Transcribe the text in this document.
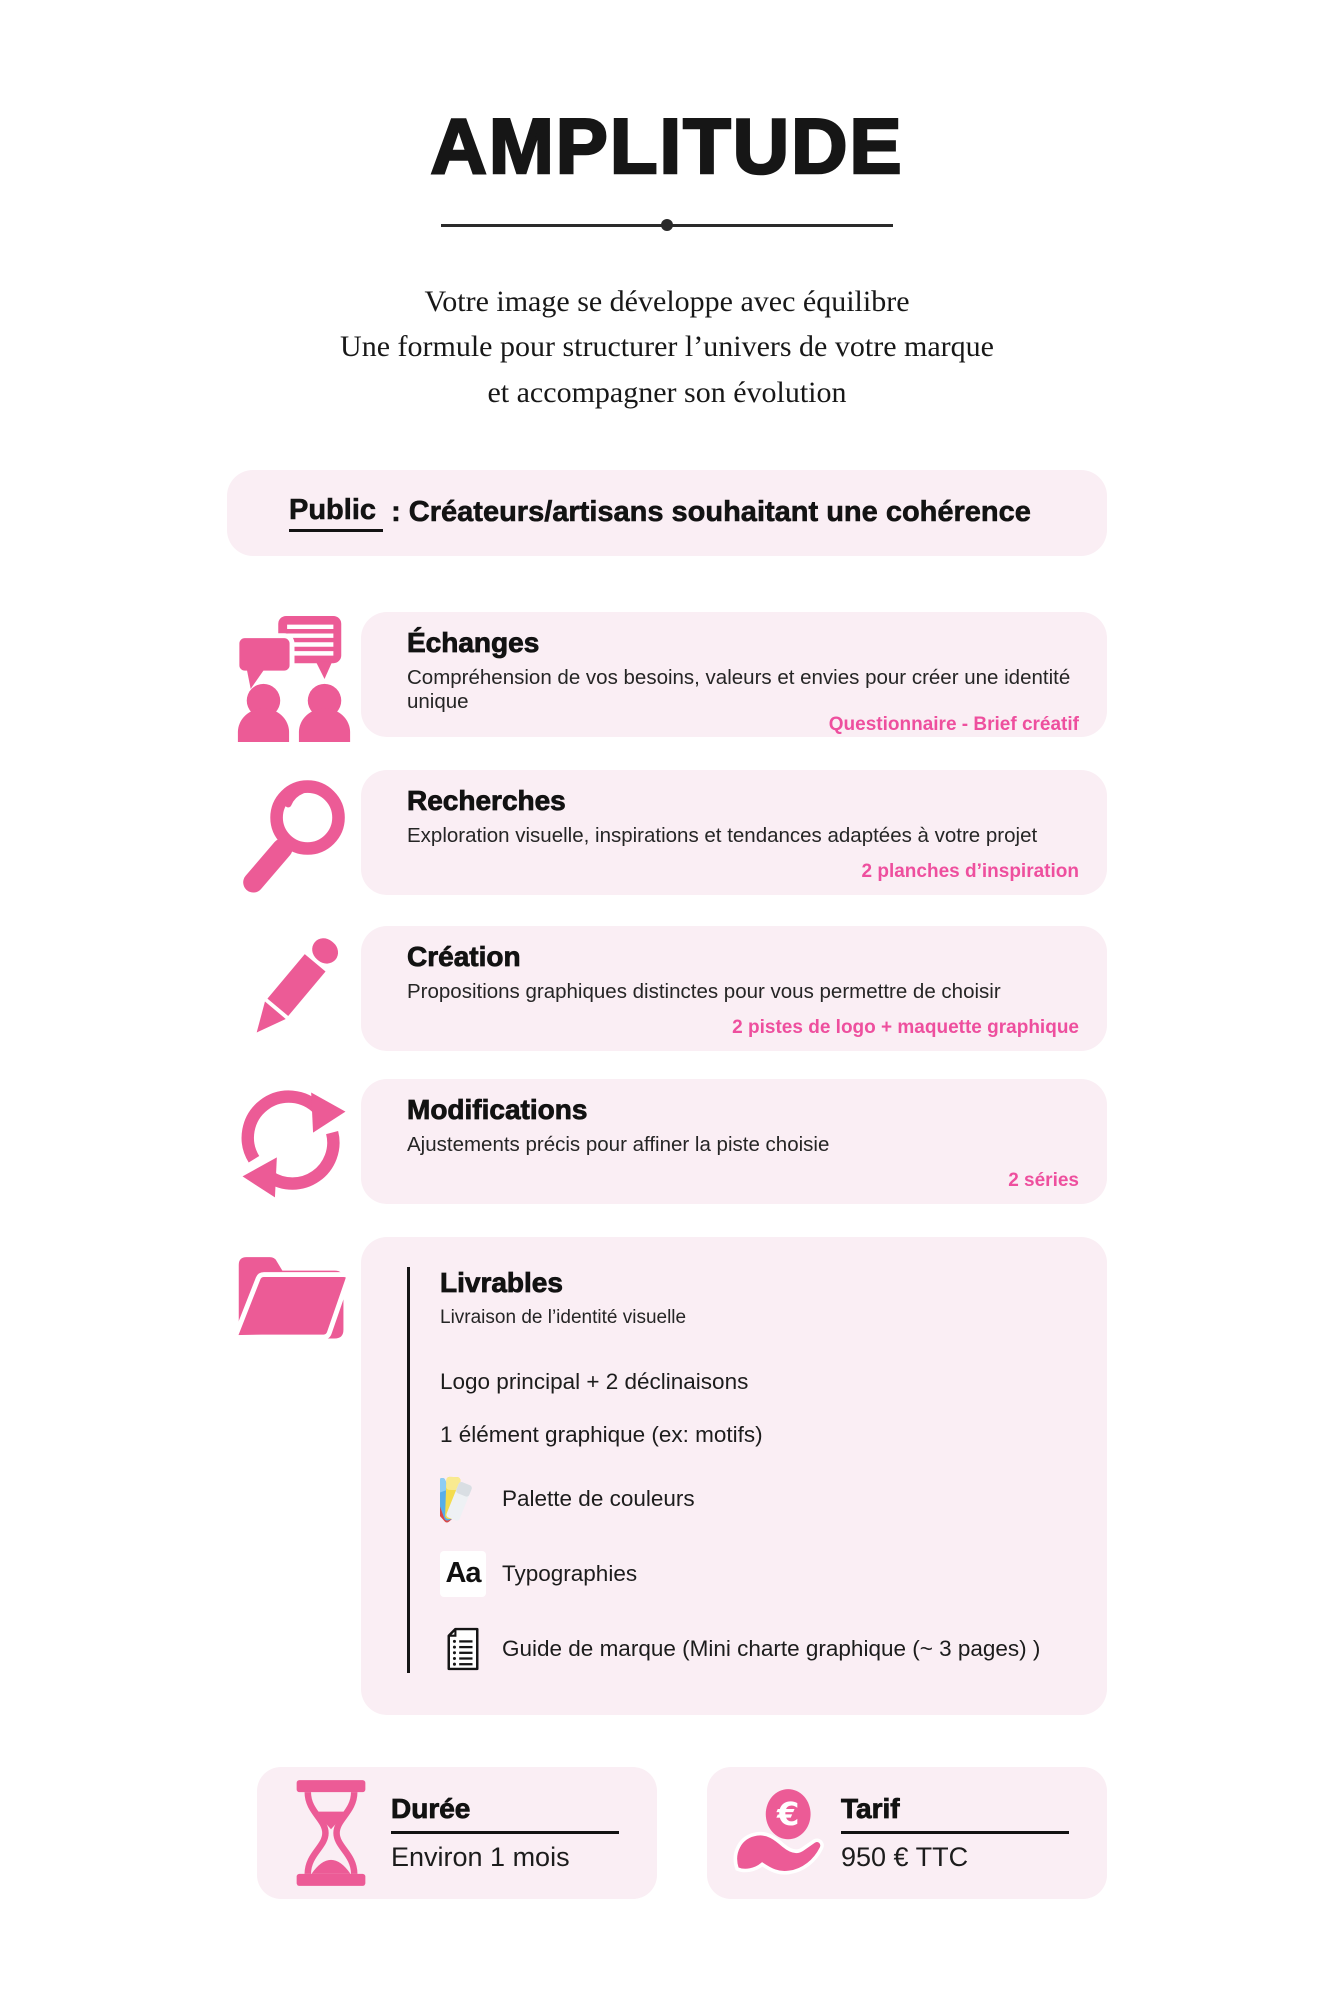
AMPLITUDE

Votre image se développe avec équilibre
Une formule pour structurer l’univers de votre marque
et accompagner son évolution

Public : Créateurs/artisans souhaitant une cohérence
Échanges
Compréhension de vos besoins, valeurs et envies pour créer une identité unique
Questionnaire - Brief créatif
Recherches
Exploration visuelle, inspirations et tendances adaptées à votre projet
2 planches d’inspiration
Création
Propositions graphiques distinctes pour vous permettre de choisir
2 pistes de logo + maquette graphique
Modifications
Ajustements précis pour affiner la piste choisie
2 séries
Livrables
Livraison de l’identité visuelle
Logo principal + 2 déclinaisons
1 élément graphique (ex: motifs)
Palette de couleurs
Aa Typographies
Guide de marque (Mini charte graphique (~ 3 pages) )
Durée
Environ 1 mois
€ Tarif
950 € TTC
